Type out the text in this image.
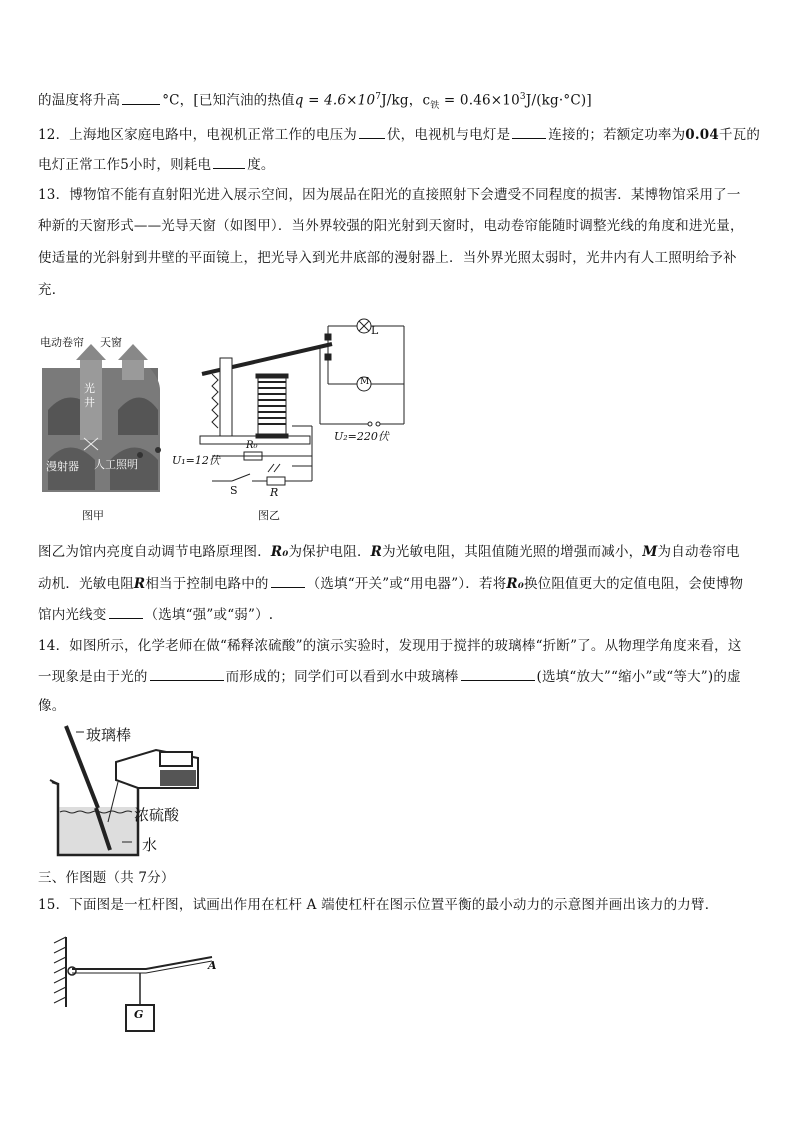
的温度将升高	°C，[已知汽油的热值$q = 4.6\times 10^7J/kg$，$c_铁 = 0.46\times 10^3J/(kg\cdot^\circ C)$]
12．上海地区家庭电路中，电视机正常工作的电压为 伏，电视机与电灯是	连接的；若额定功率为0.04千瓦的
电灯正常工作5小时，则耗电	度。
13．博物馆不能有直射阳光进入展示空间，因为展品在阳光的直接照射下会遭受不同程度的损害．某博物馆采用了一
种新的天窗形式——光导天窗（如图甲）．当外界较强的阳光射到天窗时，电动卷帘能随时调整光线的角度和进光量，
使适量的光斜射到井壁的平面镜上，把光导入到光井底部的漫射器上．当外界光照太弱时，光井内有人工照明给予补
充．
电动卷帘 天窗
光
井
漫射器 人工照明
图甲
L
M
U₂=220伏
U₁=12伏
R₀
S	R
图乙
图乙为馆内亮度自动调节电路原理图．R₀为保护电阻．R为光敏电阻，其阻值随光照的增强而减小，M为自动卷帘电
动机．光敏电阻R相当于控制电路中的	（选填“开关”或“用电器”）．若将R₀换位阻值更大的定值电阻，会使博物
馆内光线变	（选填“强”或“弱”）.
14．如图所示，化学老师在做“稀释浓硫酸”的演示实验时，发现用于搅拌的玻璃棒“折断”了。从物理学角度来看，这
一现象是由于光的	而形成的；同学们可以看到水中玻璃棒	(选填“放大”“缩小”或“等大”)的虚
像。
玻璃棒
浓硫酸
水
三、作图题（共 7分）
15．下面图是一杠杆图，试画出作用在杠杆 A 端使杠杆在图示位置平衡的最小动力的示意图并画出该力的力臂．
A
G
